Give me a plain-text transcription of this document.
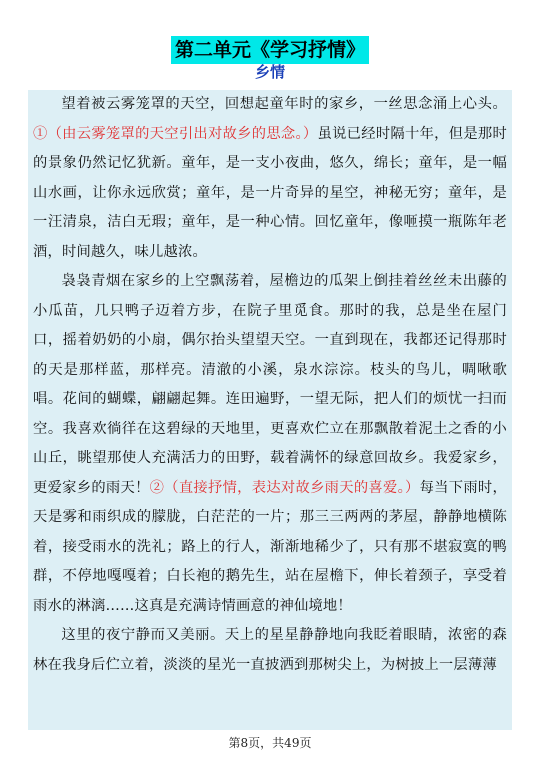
第二单元《学习抒情》
乡情

望着被云雾笼罩的天空，回想起童年时的家乡，一丝思念涌上心头。①（由云雾笼罩的天空引出对故乡的思念。）虽说已经时隔十年，但是那时的景象仍然记忆犹新。童年，是一支小夜曲，悠久，绵长；童年，是一幅山水画，让你永远欣赏；童年，是一片奇异的星空，神秘无穷；童年，是一汪清泉，洁白无瑕；童年，是一种心情。回忆童年，像咂摸一瓶陈年老酒，时间越久，味儿越浓。

袅袅青烟在家乡的上空飘荡着，屋檐边的瓜架上倒挂着丝丝未出藤的小瓜苗，几只鸭子迈着方步，在院子里觅食。那时的我，总是坐在屋门口，摇着奶奶的小扇，偶尔抬头望望天空。一直到现在，我都还记得那时的天是那样蓝，那样亮。清澈的小溪，泉水淙淙。枝头的鸟儿，啁啾歌唱。花间的蝴蝶，翩翩起舞。连田遍野，一望无际，把人们的烦忧一扫而空。我喜欢徜徉在这碧绿的天地里，更喜欢伫立在那飘散着泥土之香的小山丘，眺望那使人充满活力的田野，载着满怀的绿意回故乡。我爱家乡，更爱家乡的雨天！②（直接抒情，表达对故乡雨天的喜爱。）每当下雨时，天是雾和雨织成的朦胧，白茫茫的一片；那三三两两的茅屋，静静地横陈着，接受雨水的洗礼；路上的行人，渐渐地稀少了，只有那不堪寂寞的鸭群，不停地嘎嘎着；白长袍的鹅先生，站在屋檐下，伸长着颈子，享受着雨水的淋漓……这真是充满诗情画意的神仙境地！

这里的夜宁静而又美丽。天上的星星静静地向我眨着眼睛，浓密的森林在我身后伫立着，淡淡的星光一直披洒到那树尖上，为树披上一层薄薄

第8页，共49页
